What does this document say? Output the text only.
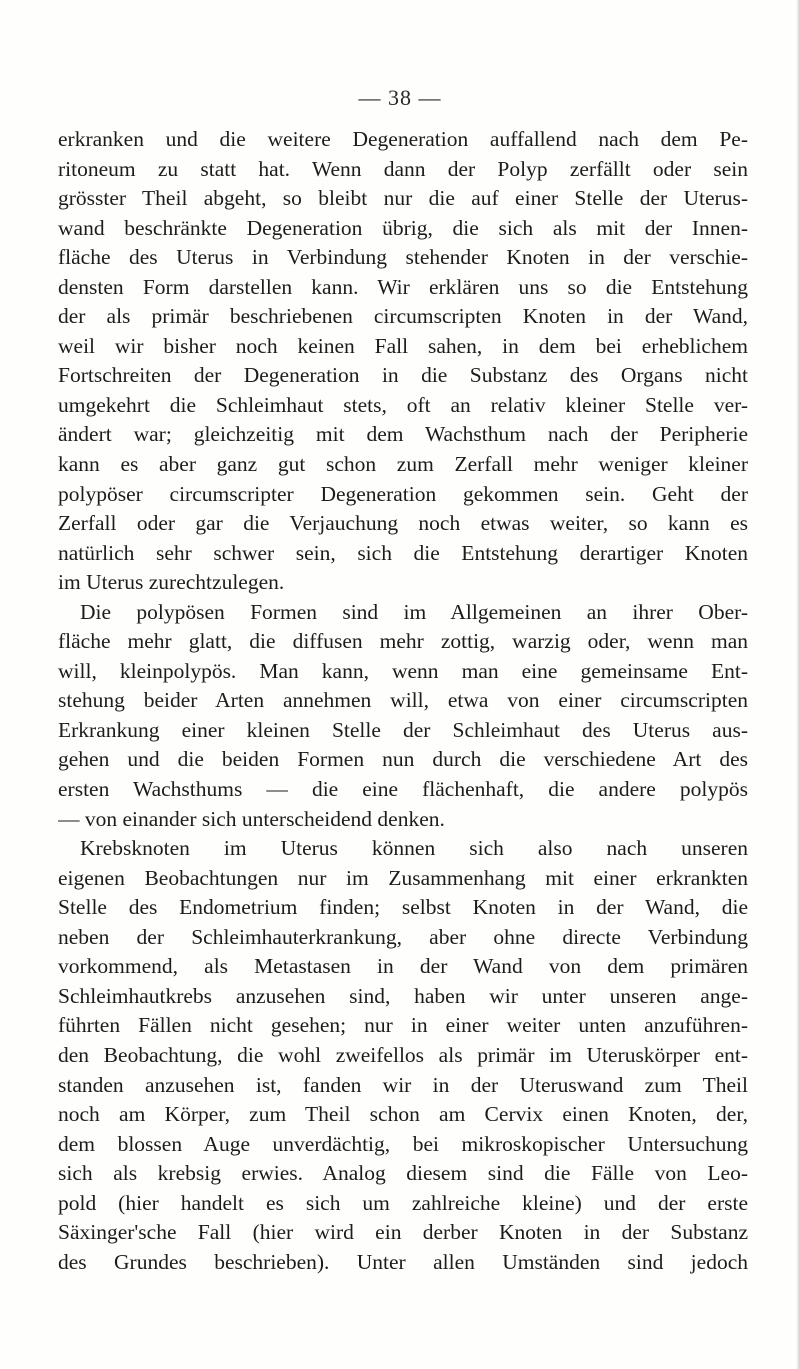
— 38 —
erkranken und die weitere Degeneration auffallend nach dem Pe-
ritoneum zu statt hat. Wenn dann der Polyp zerfällt oder sein
grösster Theil abgeht, so bleibt nur die auf einer Stelle der Uterus-
wand beschränkte Degeneration übrig, die sich als mit der Innen-
fläche des Uterus in Verbindung stehender Knoten in der verschie-
densten Form darstellen kann. Wir erklären uns so die Entstehung
der als primär beschriebenen circumscripten Knoten in der Wand,
weil wir bisher noch keinen Fall sahen, in dem bei erheblichem
Fortschreiten der Degeneration in die Substanz des Organs nicht
umgekehrt die Schleimhaut stets, oft an relativ kleiner Stelle ver-
ändert war; gleichzeitig mit dem Wachsthum nach der Peripherie
kann es aber ganz gut schon zum Zerfall mehr weniger kleiner
polypöser circumscripter Degeneration gekommen sein. Geht der
Zerfall oder gar die Verjauchung noch etwas weiter, so kann es
natürlich sehr schwer sein, sich die Entstehung derartiger Knoten
im Uterus zurechtzulegen.
Die polypösen Formen sind im Allgemeinen an ihrer Ober-
fläche mehr glatt, die diffusen mehr zottig, warzig oder, wenn man
will, kleinpolypös. Man kann, wenn man eine gemeinsame Ent-
stehung beider Arten annehmen will, etwa von einer circumscripten
Erkrankung einer kleinen Stelle der Schleimhaut des Uterus aus-
gehen und die beiden Formen nun durch die verschiedene Art des
ersten Wachsthums — die eine flächenhaft, die andere polypös
— von einander sich unterscheidend denken.
Krebsknoten im Uterus können sich also nach unseren
eigenen Beobachtungen nur im Zusammenhang mit einer erkrankten
Stelle des Endometrium finden; selbst Knoten in der Wand, die
neben der Schleimhauterkrankung, aber ohne directe Verbindung
vorkommend, als Metastasen in der Wand von dem primären
Schleimhautkrebs anzusehen sind, haben wir unter unseren ange-
führten Fällen nicht gesehen; nur in einer weiter unten anzuführen-
den Beobachtung, die wohl zweifellos als primär im Uteruskörper ent-
standen anzusehen ist, fanden wir in der Uteruswand zum Theil
noch am Körper, zum Theil schon am Cervix einen Knoten, der,
dem blossen Auge unverdächtig, bei mikroskopischer Untersuchung
sich als krebsig erwies. Analog diesem sind die Fälle von Leo-
pold (hier handelt es sich um zahlreiche kleine) und der erste
Säxinger'sche Fall (hier wird ein derber Knoten in der Substanz
des Grundes beschrieben). Unter allen Umständen sind jedoch
